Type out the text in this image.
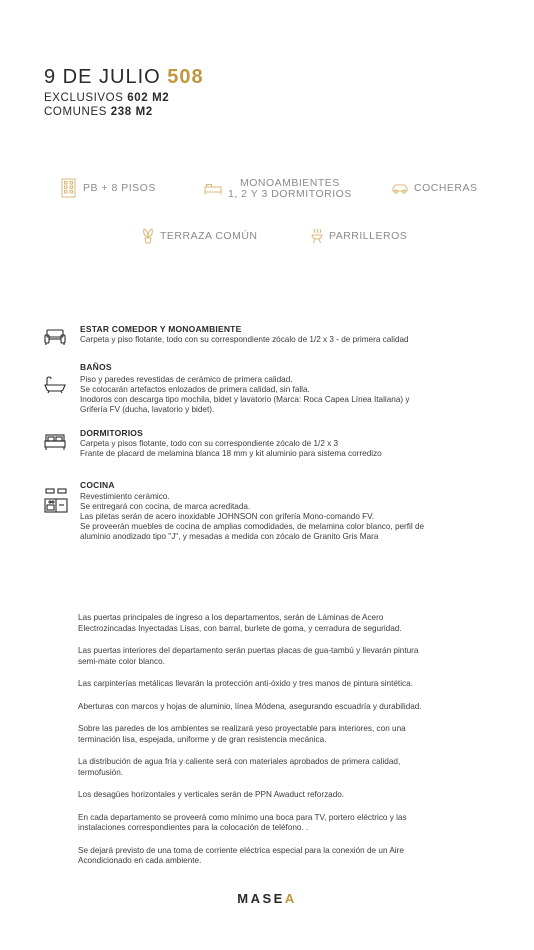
9 DE JULIO 508
EXCLUSIVOS 602 M2
COMUNES 238 M2
PB + 8 PISOS	MONOAMBIENTES
1, 2 Y 3 DORMITORIOS	COCHERAS
TERRAZA COMÚN	PARRILLEROS
ESTAR COMEDOR Y MONOAMBIENTE

Carpeta y piso flotante, todo con su correspondiente zócalo de 1/2 x 3 - de primera calidad

BAÑOS

Piso y paredes revestidas de cerámico de primera calidad.

Se colocarán artefactos enlozados de primera calidad, sin falla.

Inodoros con descarga tipo mochila, bidet y lavatorio (Marca: Roca Capea Línea Italiana) y

Grifería FV (ducha, lavatorio y bidet).

DORMITORIOS

Carpeta y pisos flotante, todo con su correspondiente zócalo de 1/2 x 3

Frante de placard de melamina blanca 18 mm y kit aluminio para sistema corredizo

COCINA

Revestimiento cerámico.

Se entregará con cocina, de marca acreditada.

Las piletas serán de acero inoxidable JOHNSON con grifería Mono-comando FV.

Se proveerán muebles de cocina de amplias comodidades, de melamina color blanco, perfil de

aluminio anodizado tipo "J", y mesadas a medida con zócalo de Granito Gris Mara

Las puertas principales de ingreso a los departamentos, serán de Láminas de Acero
Electrozincadas Inyectadas Lisas, con barral, burlete de goma, y cerradura de seguridad.

Las puertas interiores del departamento serán puertas placas de gua-tambú y llevarán pintura
semi-mate color blanco.

Las carpinterías metálicas llevarán la protección anti-óxido y tres manos de pintura sintética.

Aberturas con marcos y hojas de aluminio, línea Módena, asegurando escuadría y durabilidad.

Sobre las paredes de los ambientes se realizará yeso proyectable para interiores, con una
terminación lisa, espejada, uniforme y de gran resistencia mecánica.

La distribución de agua fría y caliente será con materiales aprobados de primera calidad,
termofusión.

Los desagües horizontales y verticales serán de PPN Awaduct reforzado.

En cada departamento se proveerá como mínimo una boca para TV, portero eléctrico y las
instalaciones correspondientes para la colocación de teléfono. .

Se dejará previsto de una toma de corriente eléctrica especial para la conexión de un Aire
Acondicionado en cada ambiente.

MASEA
